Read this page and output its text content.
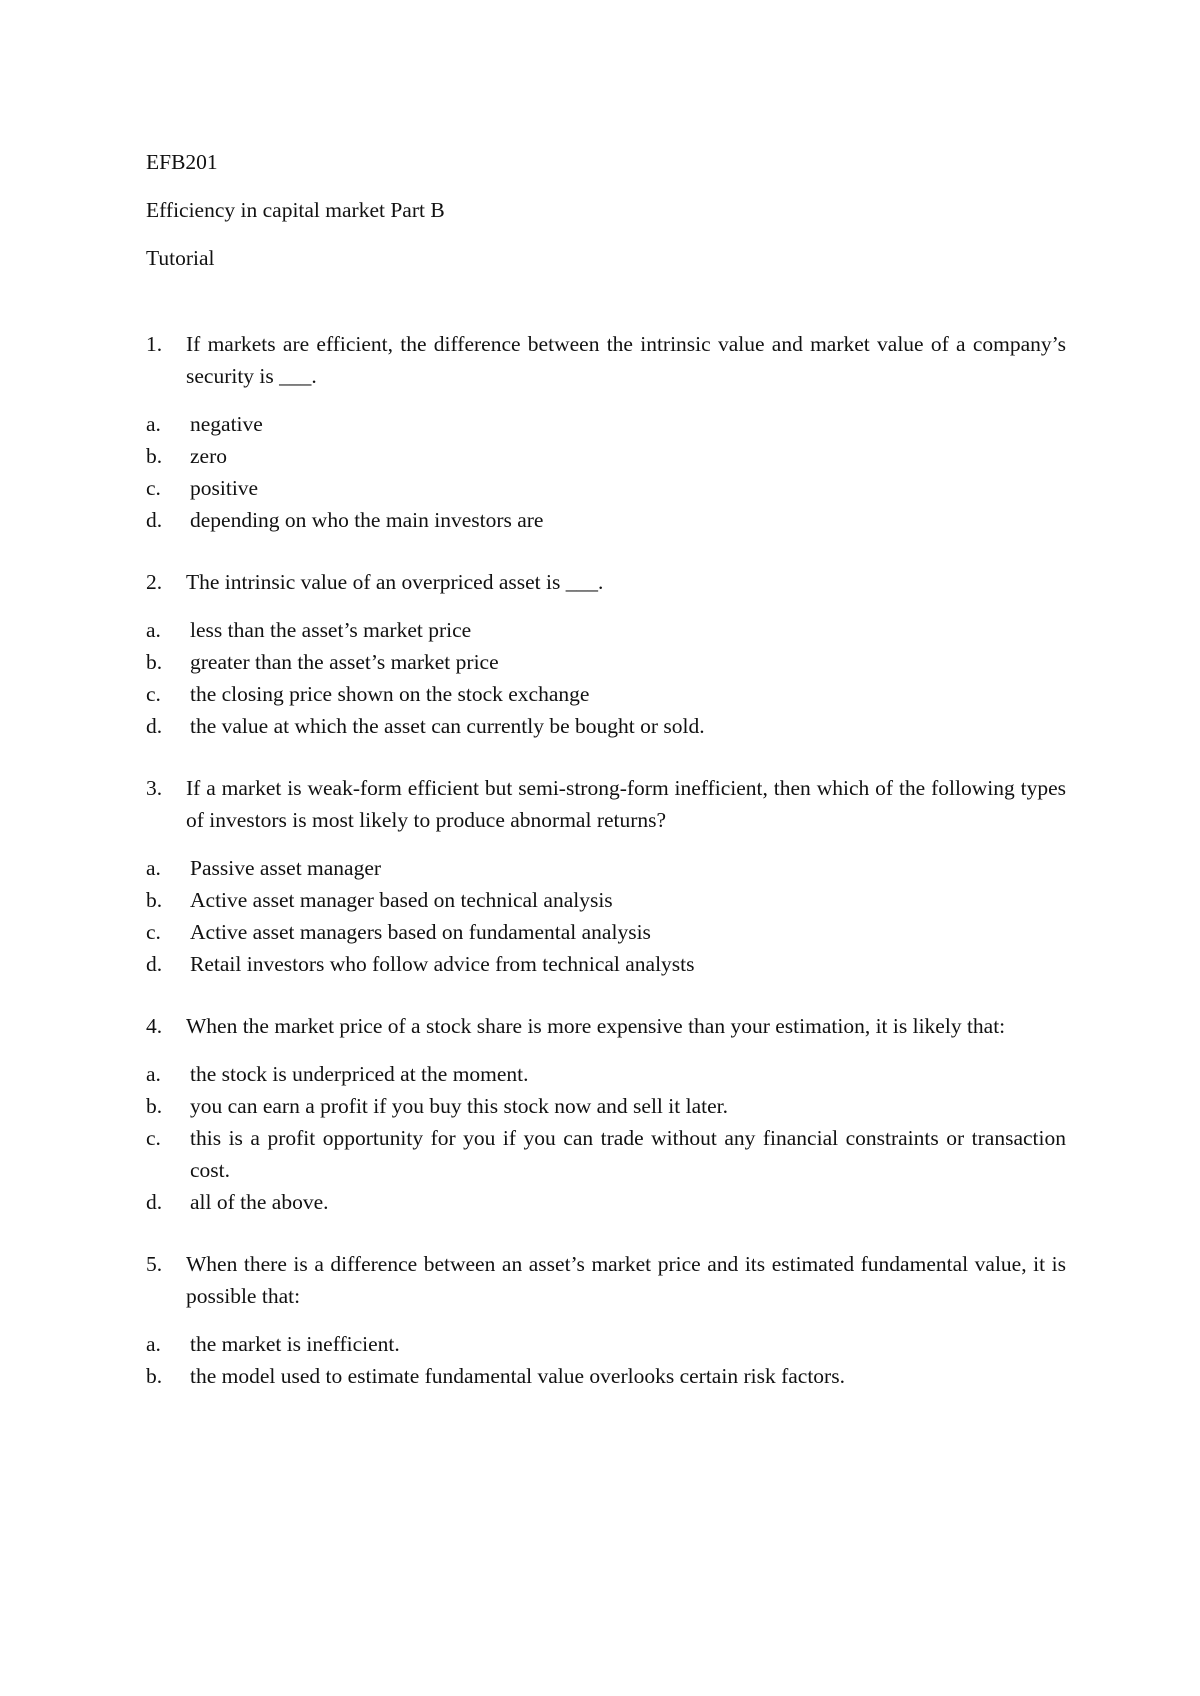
EFB201
Efficiency in capital market Part B
Tutorial
1.	If markets are efficient, the difference between the intrinsic value and market value of a company’s security is ___.
a.	negative
b.	zero
c.	positive
d.	depending on who the main investors are
2.	The intrinsic value of an overpriced asset is ___.
a.	less than the asset’s market price
b.	greater than the asset’s market price
c.	the closing price shown on the stock exchange
d.	the value at which the asset can currently be bought or sold.
3.	If a market is weak-form efficient but semi-strong-form inefficient, then which of the following types of investors is most likely to produce abnormal returns?
a.	Passive asset manager
b.	Active asset manager based on technical analysis
c.	Active asset managers based on fundamental analysis
d.	Retail investors who follow advice from technical analysts
4.	When the market price of a stock share is more expensive than your estimation, it is likely that:
a.	the stock is underpriced at the moment.
b.	you can earn a profit if you buy this stock now and sell it later.
c.	this is a profit opportunity for you if you can trade without any financial constraints or transaction cost.
d.	all of the above.
5.	When there is a difference between an asset’s market price and its estimated fundamental value, it is possible that:
a.	the market is inefficient.
b.	the model used to estimate fundamental value overlooks certain risk factors.
